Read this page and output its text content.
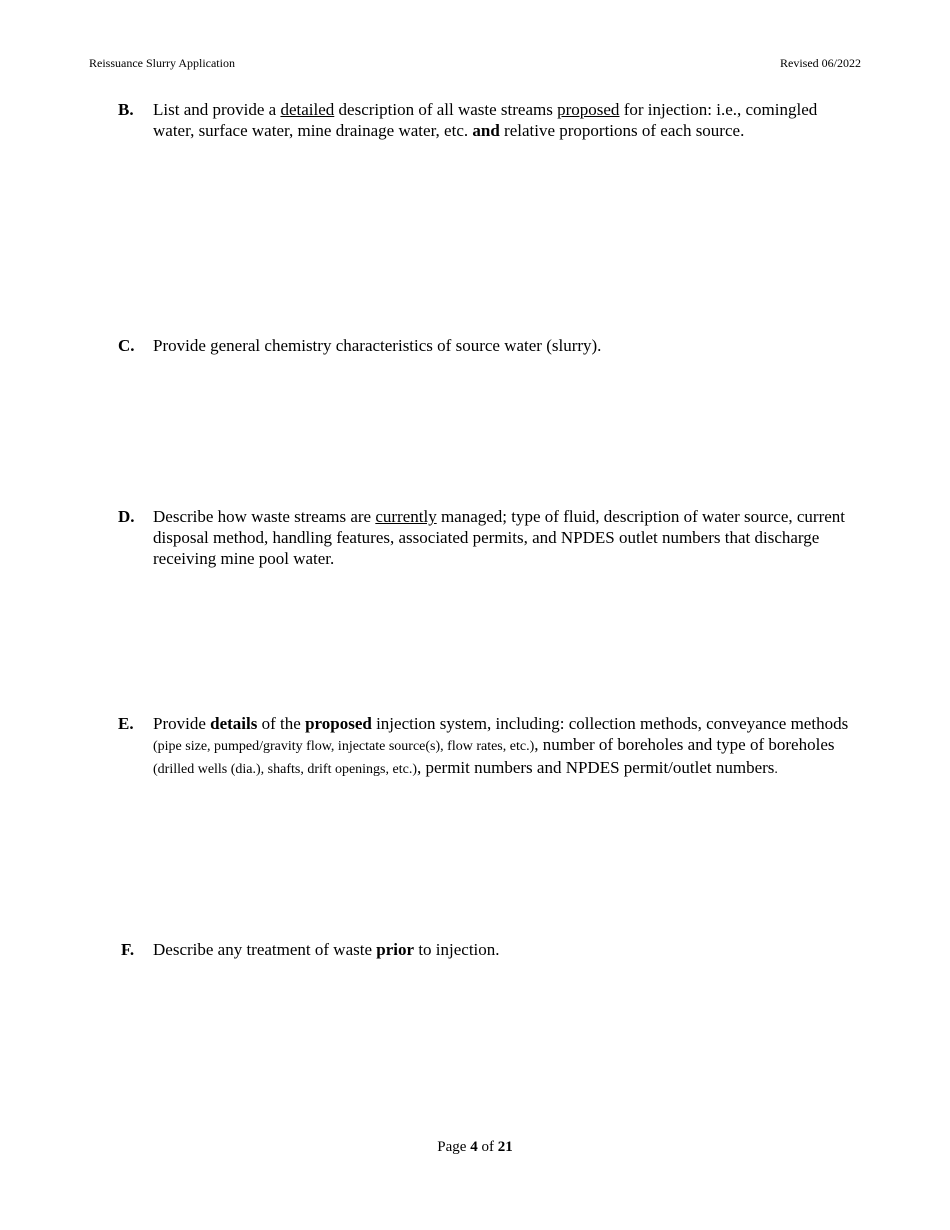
Reissuance Slurry Application	Revised 06/2022
B. List and provide a detailed description of all waste streams proposed for injection: i.e., comingled water, surface water, mine drainage water, etc. and relative proportions of each source.
C. Provide general chemistry characteristics of source water (slurry).
D. Describe how waste streams are currently managed; type of fluid, description of water source, current disposal method, handling features, associated permits, and NPDES outlet numbers that discharge receiving mine pool water.
E. Provide details of the proposed injection system, including: collection methods, conveyance methods (pipe size, pumped/gravity flow, injectate source(s), flow rates, etc.), number of boreholes and type of boreholes (drilled wells (dia.), shafts, drift openings, etc.), permit numbers and NPDES permit/outlet numbers.
F. Describe any treatment of waste prior to injection.
Page 4 of 21
